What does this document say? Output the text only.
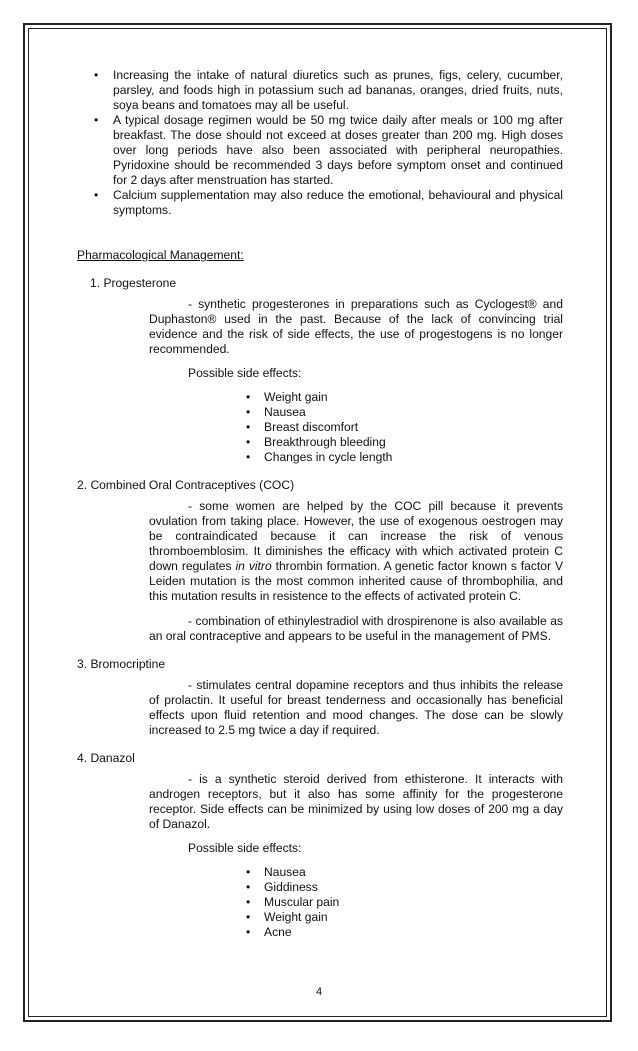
• Increasing the intake of natural diuretics such as prunes, figs, celery, cucumber, parsley, and foods high in potassium such ad bananas, oranges, dried fruits, nuts, soya beans and tomatoes may all be useful.
• A typical dosage regimen would be 50 mg twice daily after meals or 100 mg after breakfast. The dose should not exceed at doses greater than 200 mg. High doses over long periods have also been associated with peripheral neuropathies. Pyridoxine should be recommended 3 days before symptom onset and continued for 2 days after menstruation has started.
• Calcium supplementation may also reduce the emotional, behavioural and physical symptoms.

Pharmacological Management:

1. Progesterone

- synthetic progesterones in preparations such as Cyclogest® and Duphaston® used in the past. Because of the lack of convincing trial evidence and the risk of side effects, the use of progestogens is no longer recommended.

Possible side effects:

• Weight gain
• Nausea
• Breast discomfort
• Breakthrough bleeding
• Changes in cycle length

2. Combined Oral Contraceptives (COC)

- some women are helped by the COC pill because it prevents ovulation from taking place. However, the use of exogenous oestrogen may be contraindicated because it can increase the risk of venous thromboemblosim. It diminishes the efficacy with which activated protein C down regulates in vitro thrombin formation. A genetic factor known s factor V Leiden mutation is the most common inherited cause of thrombophilia, and this mutation results in resistence to the effects of activated protein C.

- combination of ethinylestradiol with drospirenone is also available as an oral contraceptive and appears to be useful in the management of PMS.

3. Bromocriptine

- stimulates central dopamine receptors and thus inhibits the release of prolactin. It useful for breast tenderness and occasionally has beneficial effects upon fluid retention and mood changes. The dose can be slowly increased to 2.5 mg twice a day if required.

4. Danazol

- is a synthetic steroid derived from ethisterone. It interacts with androgen receptors, but it also has some affinity for the progesterone receptor. Side effects can be minimized by using low doses of 200 mg a day of Danazol.

Possible side effects:

• Nausea
• Giddiness
• Muscular pain
• Weight gain
• Acne
4
